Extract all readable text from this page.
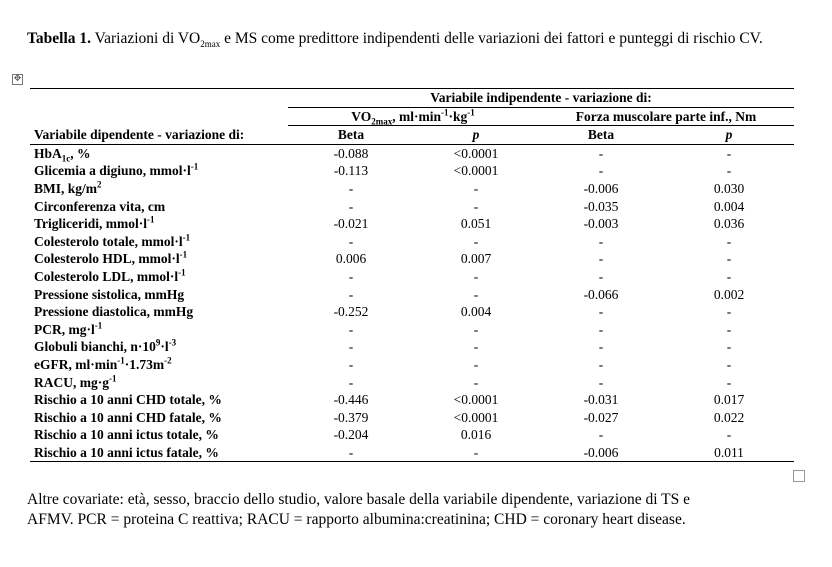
Tabella 1. Variazioni di $VO_{2max}$ e MS come predittore indipendenti delle variazioni dei fattori e punteggi di rischio CV.
✥

	Variabile indipendente - variazione di:			
	$VO_{2max}$, $ml\cdot\min^{-1}\cdot kg^{-1}$		Forza muscolare parte inf., Nm	
Variabile dipendente - variazione di:	Beta	p	Beta	p
HbA$_{1c}$, %	-0.088	<0.0001	-	-
Glicemia a digiuno, $mmol\cdot l^{-1}$	-0.113	<0.0001	-	-
BMI, $kg/m^2$	-	-	-0.006	0.030
Circonferenza vita, cm	-	-	-0.035	0.004
Trigliceridi, $mmol\cdot l^{-1}$	-0.021	0.051	-0.003	0.036
Colesterolo totale, $mmol\cdot l^{-1}$	-	-	-	-
Colesterolo HDL, $mmol\cdot l^{-1}$	0.006	0.007	-	-
Colesterolo LDL, $mmol\cdot l^{-1}$	-	-	-	-
Pressione sistolica, mmHg	-	-	-0.066	0.002
Pressione diastolica, mmHg	-0.252	0.004	-	-
PCR, $mg\cdot l^{-1}$	-	-	-	-
Globuli bianchi, $n\cdot 10^9\cdot l^{-3}$	-	-	-	-
eGFR, $ml\cdot\min^{-1}\cdot 1.73m^{-2}$	-	-	-	-
RACU, $mg\cdot g^{-1}$	-	-	-	-
Rischio a 10 anni CHD totale, %	-0.446	<0.0001	-0.031	0.017
Rischio a 10 anni CHD fatale, %	-0.379	<0.0001	-0.027	0.022
Rischio a 10 anni ictus totale, %	-0.204	0.016	-	-
Rischio a 10 anni ictus fatale, %	-	-	-0.006	0.011
Altre covariate: età, sesso, braccio dello studio, valore basale della variabile dipendente, variazione di TS e
AFMV. PCR = proteina C reattiva; RACU = rapporto albumina:creatinina; CHD = coronary heart disease.
